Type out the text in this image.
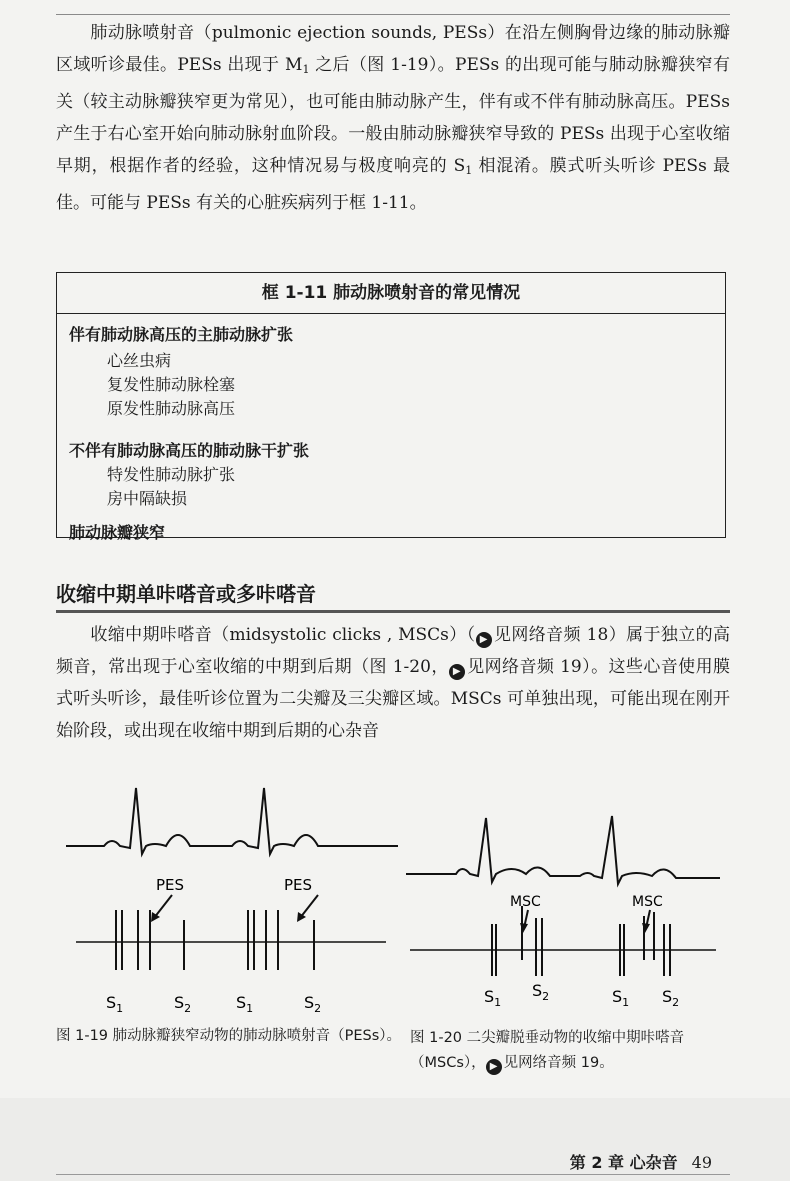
肺动脉喷射音（pulmonic ejection sounds, PESs）在沿左侧胸骨边缘的肺动脉瓣区域听诊最佳。PESs 出现于 $M_1$ 之后（图 1-19）。PESs 的出现可能与肺动脉瓣狭窄有关（较主动脉瓣狭窄更为常见），也可能由肺动脉产生，伴有或不伴有肺动脉高压。PESs 产生于右心室开始向肺动脉射血阶段。一般由肺动脉瓣狭窄导致的 PESs 出现于心室收缩早期，根据作者的经验，这种情况易与极度响亮的 $S_1$ 相混淆。膜式听头听诊 PESs 最佳。可能与 PESs 有关的心脏疾病列于框 1-11。

框 1-11 肺动脉喷射音的常见情况
伴有肺动脉高压的主肺动脉扩张
心丝虫病
复发性肺动脉栓塞
原发性肺动脉高压
不伴有肺动脉高压的肺动脉干扩张
特发性肺动脉扩张
房中隔缺损
肺动脉瓣狭窄
收缩中期单咔嗒音或多咔嗒音

收缩中期咔嗒音（midsystolic clicks , MSCs）（ ▶ 见网络音频 18）属于独立的高频音，常出现于心室收缩的中期到后期（图 1-20， ▶ 见网络音频 19）。这些心音使用膜式听头听诊，最佳听诊位置为二尖瓣及三尖瓣区域。MSCs 可单独出现，可能出现在刚开始阶段，或出现在收缩中期到后期的心杂音

PES	PES
$S_1$	$S_2$	$S_1$	$S_2$
MSC	MSC
$S_1$
$S_2$	$S_1$ $S_2$
图 1-19 肺动脉瓣狭窄动物的肺动脉喷射音（PESs）。 图 1-20 二尖瓣脱垂动物的收缩中期咔嗒音（MSCs）， ▶ 见网络音频 19。
第 2 章 心杂音 49
